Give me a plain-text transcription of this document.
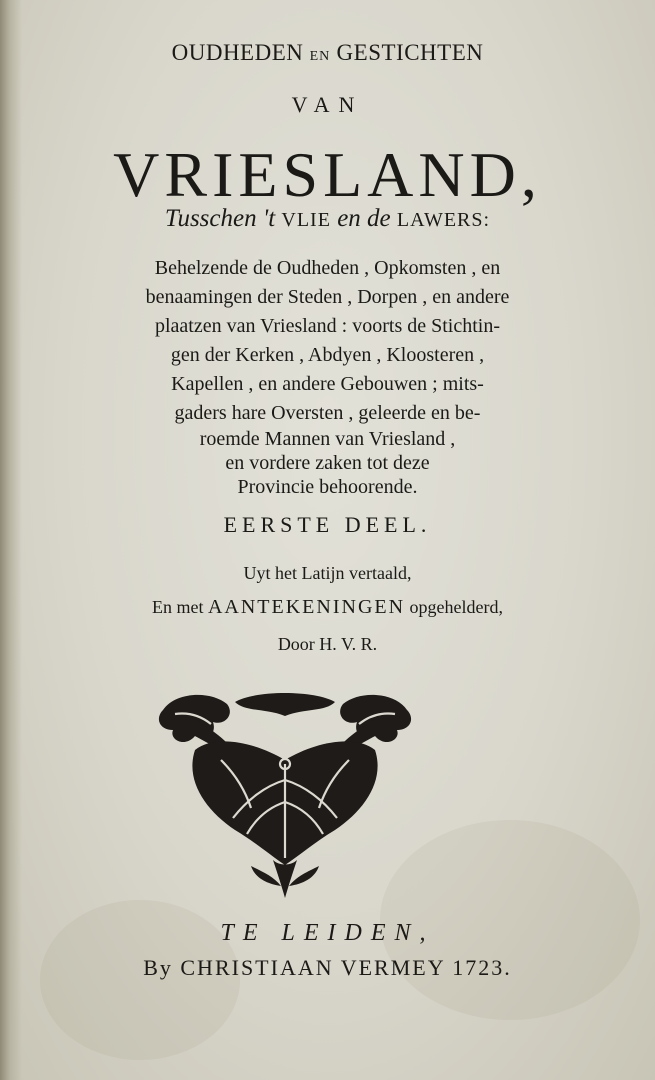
OUDHEDEN EN GESTICHTEN
VAN
VRIESLAND,
Tusschen 't VLIE en de LAWERS:
Behelzende de Oudheden , Opkomsten , en
benaamingen der Steden , Dorpen , en andere
plaatzen van Vriesland : voorts de Stichtin-
gen der Kerken , Abdyen , Kloosteren ,
Kapellen , en andere Gebouwen ; mits-
gaders hare Oversten , geleerde en be-
roemde Mannen van Vriesland ,
en vordere zaken tot deze
Provincie behoorende.
EERSTE DEEL.
Uyt het Latijn vertaald,
En met AANTEKENINGEN opgehelderd,
Door H. V. R.
TE LEIDEN,
By CHRISTIAAN VERMEY 1723.
